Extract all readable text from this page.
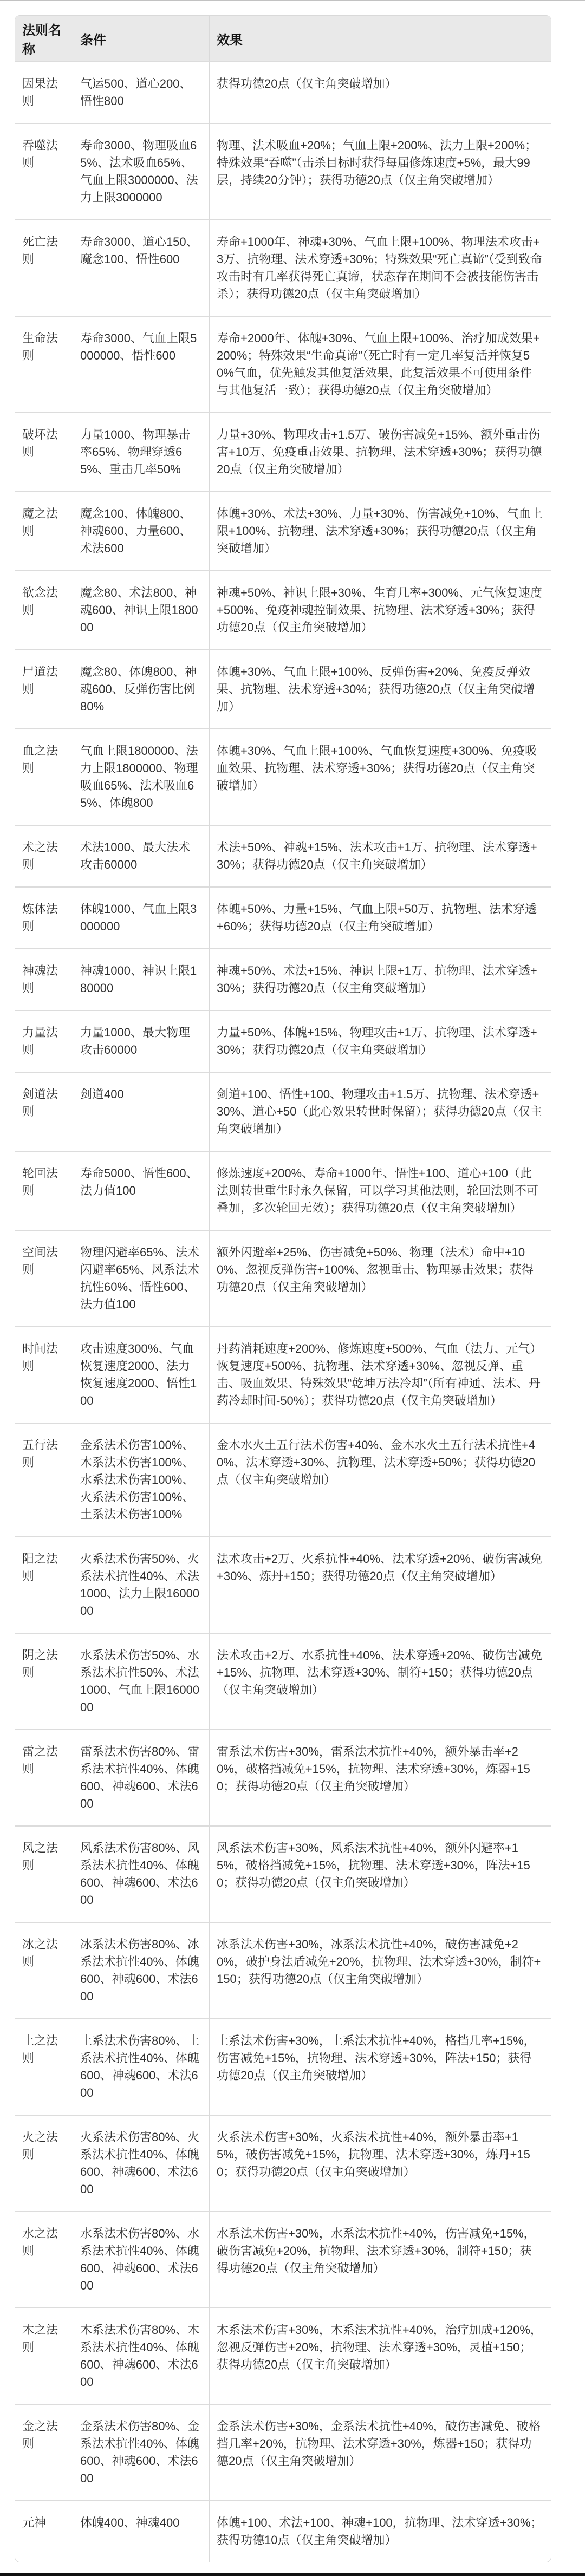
法则名称	条件	效果
因果法则	气运500、道心200、悟性800	获得功德20点（仅主角突破增加）
吞噬法则	寿命3000、物理吸血65%、法术吸血65%、气血上限3000000、法力上限3000000	物理、法术吸血+20%；气血上限+200%、法力上限+200%；特殊效果“吞噬”（击杀目标时获得每届修炼速度+5%，最大99层，持续20分钟）；获得功德20点（仅主角突破增加）
死亡法则	寿命3000、道心150、魔念100、悟性600	寿命+1000年、神魂+30%、气血上限+100%、物理法术攻击+3万、抗物理、法术穿透+30%；特殊效果“死亡真谛”（受到致命攻击时有几率获得死亡真谛，状态存在期间不会被技能伤害击杀）；获得功德20点（仅主角突破增加）
生命法则	寿命3000、气血上限5000000、悟性600	寿命+2000年、体魄+30%、气血上限+100%、治疗加成效果+200%；特殊效果“生命真谛”（死亡时有一定几率复活并恢复50%气血，优先触发其他复活效果，此复活效果不可使用条件与其他复活一致）；获得功德20点（仅主角突破增加）
破坏法则	力量1000、物理暴击率65%、物理穿透65%、重击几率50%	力量+30%、物理攻击+1.5万、破伤害减免+15%、额外重击伤害+10万、免疫重击效果、抗物理、法术穿透+30%；获得功德20点（仅主角突破增加）
魔之法则	魔念100、体魄800、神魂600、力量600、术法600	体魄+30%、术法+30%、力量+30%、伤害减免+10%、气血上限+100%、抗物理、法术穿透+30%；获得功德20点（仅主角突破增加）
欲念法则	魔念80、术法800、神魂600、神识上限180000	神魂+50%、神识上限+30%、生育几率+300%、元气恢复速度+500%、免疫神魂控制效果、抗物理、法术穿透+30%；获得功德20点（仅主角突破增加）
尸道法则	魔念80、体魄800、神魂600、反弹伤害比例80%	体魄+30%、气血上限+100%、反弹伤害+20%、免疫反弹效果、抗物理、法术穿透+30%；获得功德20点（仅主角突破增加）
血之法则	气血上限1800000、法力上限1800000、物理吸血65%、法术吸血65%、体魄800	体魄+30%、气血上限+100%、气血恢复速度+300%、免疫吸血效果、抗物理、法术穿透+30%；获得功德20点（仅主角突破增加）
术之法则	术法1000、最大法术攻击60000	术法+50%、神魂+15%、法术攻击+1万、抗物理、法术穿透+30%；获得功德20点（仅主角突破增加）
炼体法则	体魄1000、气血上限3000000	体魄+50%、力量+15%、气血上限+50万、抗物理、法术穿透+60%；获得功德20点（仅主角突破增加）
神魂法则	神魂1000、神识上限180000	神魂+50%、术法+15%、神识上限+1万、抗物理、法术穿透+30%；获得功德20点（仅主角突破增加）
力量法则	力量1000、最大物理攻击60000	力量+50%、体魄+15%、物理攻击+1万、抗物理、法术穿透+30%；获得功德20点（仅主角突破增加）
剑道法则	剑道400	剑道+100、悟性+100、物理攻击+1.5万、抗物理、法术穿透+30%、道心+50（此心效果转世时保留）；获得功德20点（仅主角突破增加）
轮回法则	寿命5000、悟性600、法力值100	修炼速度+200%、寿命+1000年、悟性+100、道心+100（此法则转世重生时永久保留，可以学习其他法则，轮回法则不可叠加，多次轮回无效）；获得功德20点（仅主角突破增加）
空间法则	物理闪避率65%、法术闪避率65%、风系法术抗性60%、悟性600、法力值100	额外闪避率+25%、伤害减免+50%、物理（法术）命中+100%、忽视反弹伤害+100%、忽视重击、物理暴击效果；获得功德20点（仅主角突破增加）
时间法则	攻击速度300%、气血恢复速度2000、法力恢复速度2000、悟性100	丹药消耗速度+200%、修炼速度+500%、气血（法力、元气）恢复速度+500%、抗物理、法术穿透+30%、忽视反弹、重击、吸血效果、特殊效果“乾坤万法冷却”（所有神通、法术、丹药冷却时间-50%）；获得功德20点（仅主角突破增加）
五行法则	金系法术伤害100%、木系法术伤害100%、水系法术伤害100%、火系法术伤害100%、土系法术伤害100%	金木水火土五行法术伤害+40%、金木水火土五行法术抗性+40%、法术穿透+30%、抗物理、法术穿透+50%；获得功德20点（仅主角突破增加）
阳之法则	火系法术伤害50%、火系法术抗性40%、术法1000、法力上限1600000	法术攻击+2万、火系抗性+40%、法术穿透+20%、破伤害减免+30%、炼丹+150；获得功德20点（仅主角突破增加）
阴之法则	水系法术伤害50%、水系法术抗性50%、术法1000、气血上限1600000	法术攻击+2万、水系抗性+40%、法术穿透+20%、破伤害减免+15%、抗物理、法术穿透+30%、制符+150；获得功德20点（仅主角突破增加）
雷之法则	雷系法术伤害80%、雷系法术抗性40%、体魄600、神魂600、术法600	雷系法术伤害+30%，雷系法术抗性+40%，额外暴击率+20%，破格挡减免+15%，抗物理、法术穿透+30%，炼器+150；获得功德20点（仅主角突破增加）
风之法则	风系法术伤害80%、风系法术抗性40%、体魄600、神魂600、术法600	风系法术伤害+30%，风系法术抗性+40%，额外闪避率+15%，破格挡减免+15%，抗物理、法术穿透+30%，阵法+150；获得功德20点（仅主角突破增加）
冰之法则	冰系法术伤害80%、冰系法术抗性40%、体魄600、神魂600、术法600	冰系法术伤害+30%，冰系法术抗性+40%，破伤害减免+20%，破护身法盾减免+20%，抗物理、法术穿透+30%，制符+150；获得功德20点（仅主角突破增加）
土之法则	土系法术伤害80%、土系法术抗性40%、体魄600、神魂600、术法600	土系法术伤害+30%，土系法术抗性+40%，格挡几率+15%，伤害减免+15%，抗物理、法术穿透+30%，阵法+150；获得功德20点（仅主角突破增加）
火之法则	火系法术伤害80%、火系法术抗性40%、体魄600、神魂600、术法600	火系法术伤害+30%，火系法术抗性+40%，额外暴击率+15%，破伤害减免+15%，抗物理、法术穿透+30%，炼丹+150；获得功德20点（仅主角突破增加）
水之法则	水系法术伤害80%、水系法术抗性40%、体魄600、神魂600、术法600	水系法术伤害+30%，水系法术抗性+40%，伤害减免+15%，破伤害减免+20%，抗物理、法术穿透+30%，制符+150；获得功德20点（仅主角突破增加）
木之法则	木系法术伤害80%、木系法术抗性40%、体魄600、神魂600、术法600	木系法术伤害+30%，木系法术抗性+40%，治疗加成+120%，忽视反弹伤害+20%，抗物理、法术穿透+30%，灵植+150；获得功德20点（仅主角突破增加）
金之法则	金系法术伤害80%、金系法术抗性40%、体魄600、神魂600、术法600	金系法术伤害+30%，金系法术抗性+40%，破伤害减免、破格挡几率+20%，抗物理、法术穿透+30%，炼器+150；获得功德20点（仅主角突破增加）
元神	体魄400、神魂400	体魄+100、术法+100、神魂+100，抗物理、法术穿透+30%；获得功德10点（仅主角突破增加）
